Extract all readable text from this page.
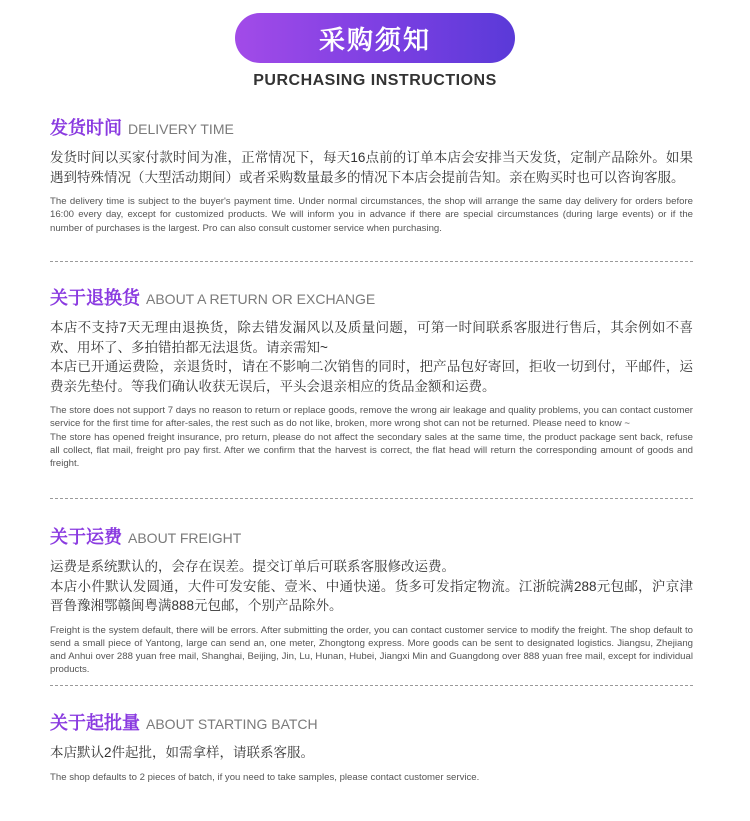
采购须知
PURCHASING INSTRUCTIONS
发货时间 DELIVERY TIME

发货时间以买家付款时间为准，正常情况下，每天16点前的订单本店会安排当天发货，定制产品除外。如果遇到特殊情况（大型活动期间）或者采购数量最多的情况下本店会提前告知。亲在购买时也可以咨询客服。

The delivery time is subject to the buyer's payment time. Under normal circumstances, the shop will arrange the same day delivery for orders before 16:00 every day, except for customized products. We will inform you in advance if there are special circumstances (during large events) or if the number of purchases is the largest. Pro can also consult customer service when purchasing.

关于退换货 ABOUT A RETURN OR EXCHANGE

本店不支持7天无理由退换货，除去错发漏风以及质量问题，可第一时间联系客服进行售后，其余例如不喜欢、用坏了、多拍错拍都无法退货。请亲需知~

本店已开通运费险，亲退货时，请在不影响二次销售的同时，把产品包好寄回，拒收一切到付，平邮件，运费亲先垫付。等我们确认收获无误后，平头会退亲相应的货品金额和运费。

The store does not support 7 days no reason to return or replace goods, remove the wrong air leakage and quality problems, you can contact customer service for the first time for after-sales, the rest such as do not like, broken, more wrong shot can not be returned. Please need to know ~

The store has opened freight insurance, pro return, please do not affect the secondary sales at the same time, the product package sent back, refuse all collect, flat mail, freight pro pay first. After we confirm that the harvest is correct, the flat head will return the corresponding amount of goods and freight.

关于运费 ABOUT FREIGHT

运费是系统默认的，会存在误差。提交订单后可联系客服修改运费。

本店小件默认发圆通，大件可发安能、壹米、中通快递。货多可发指定物流。江浙皖满288元包邮，沪京津晋鲁豫湘鄂赣闽粤满888元包邮，个别产品除外。

Freight is the system default, there will be errors. After submitting the order, you can contact customer service to modify the freight. The shop default to send a small piece of Yantong, large can send an, one meter, Zhongtong express. More goods can be sent to designated logistics. Jiangsu, Zhejiang and Anhui over 288 yuan free mail, Shanghai, Beijing, Jin, Lu, Hunan, Hubei, Jiangxi Min and Guangdong over 888 yuan free mail, except for individual products.

关于起批量 ABOUT STARTING BATCH

本店默认2件起批，如需拿样，请联系客服。

The shop defaults to 2 pieces of batch, if you need to take samples, please contact customer service.
